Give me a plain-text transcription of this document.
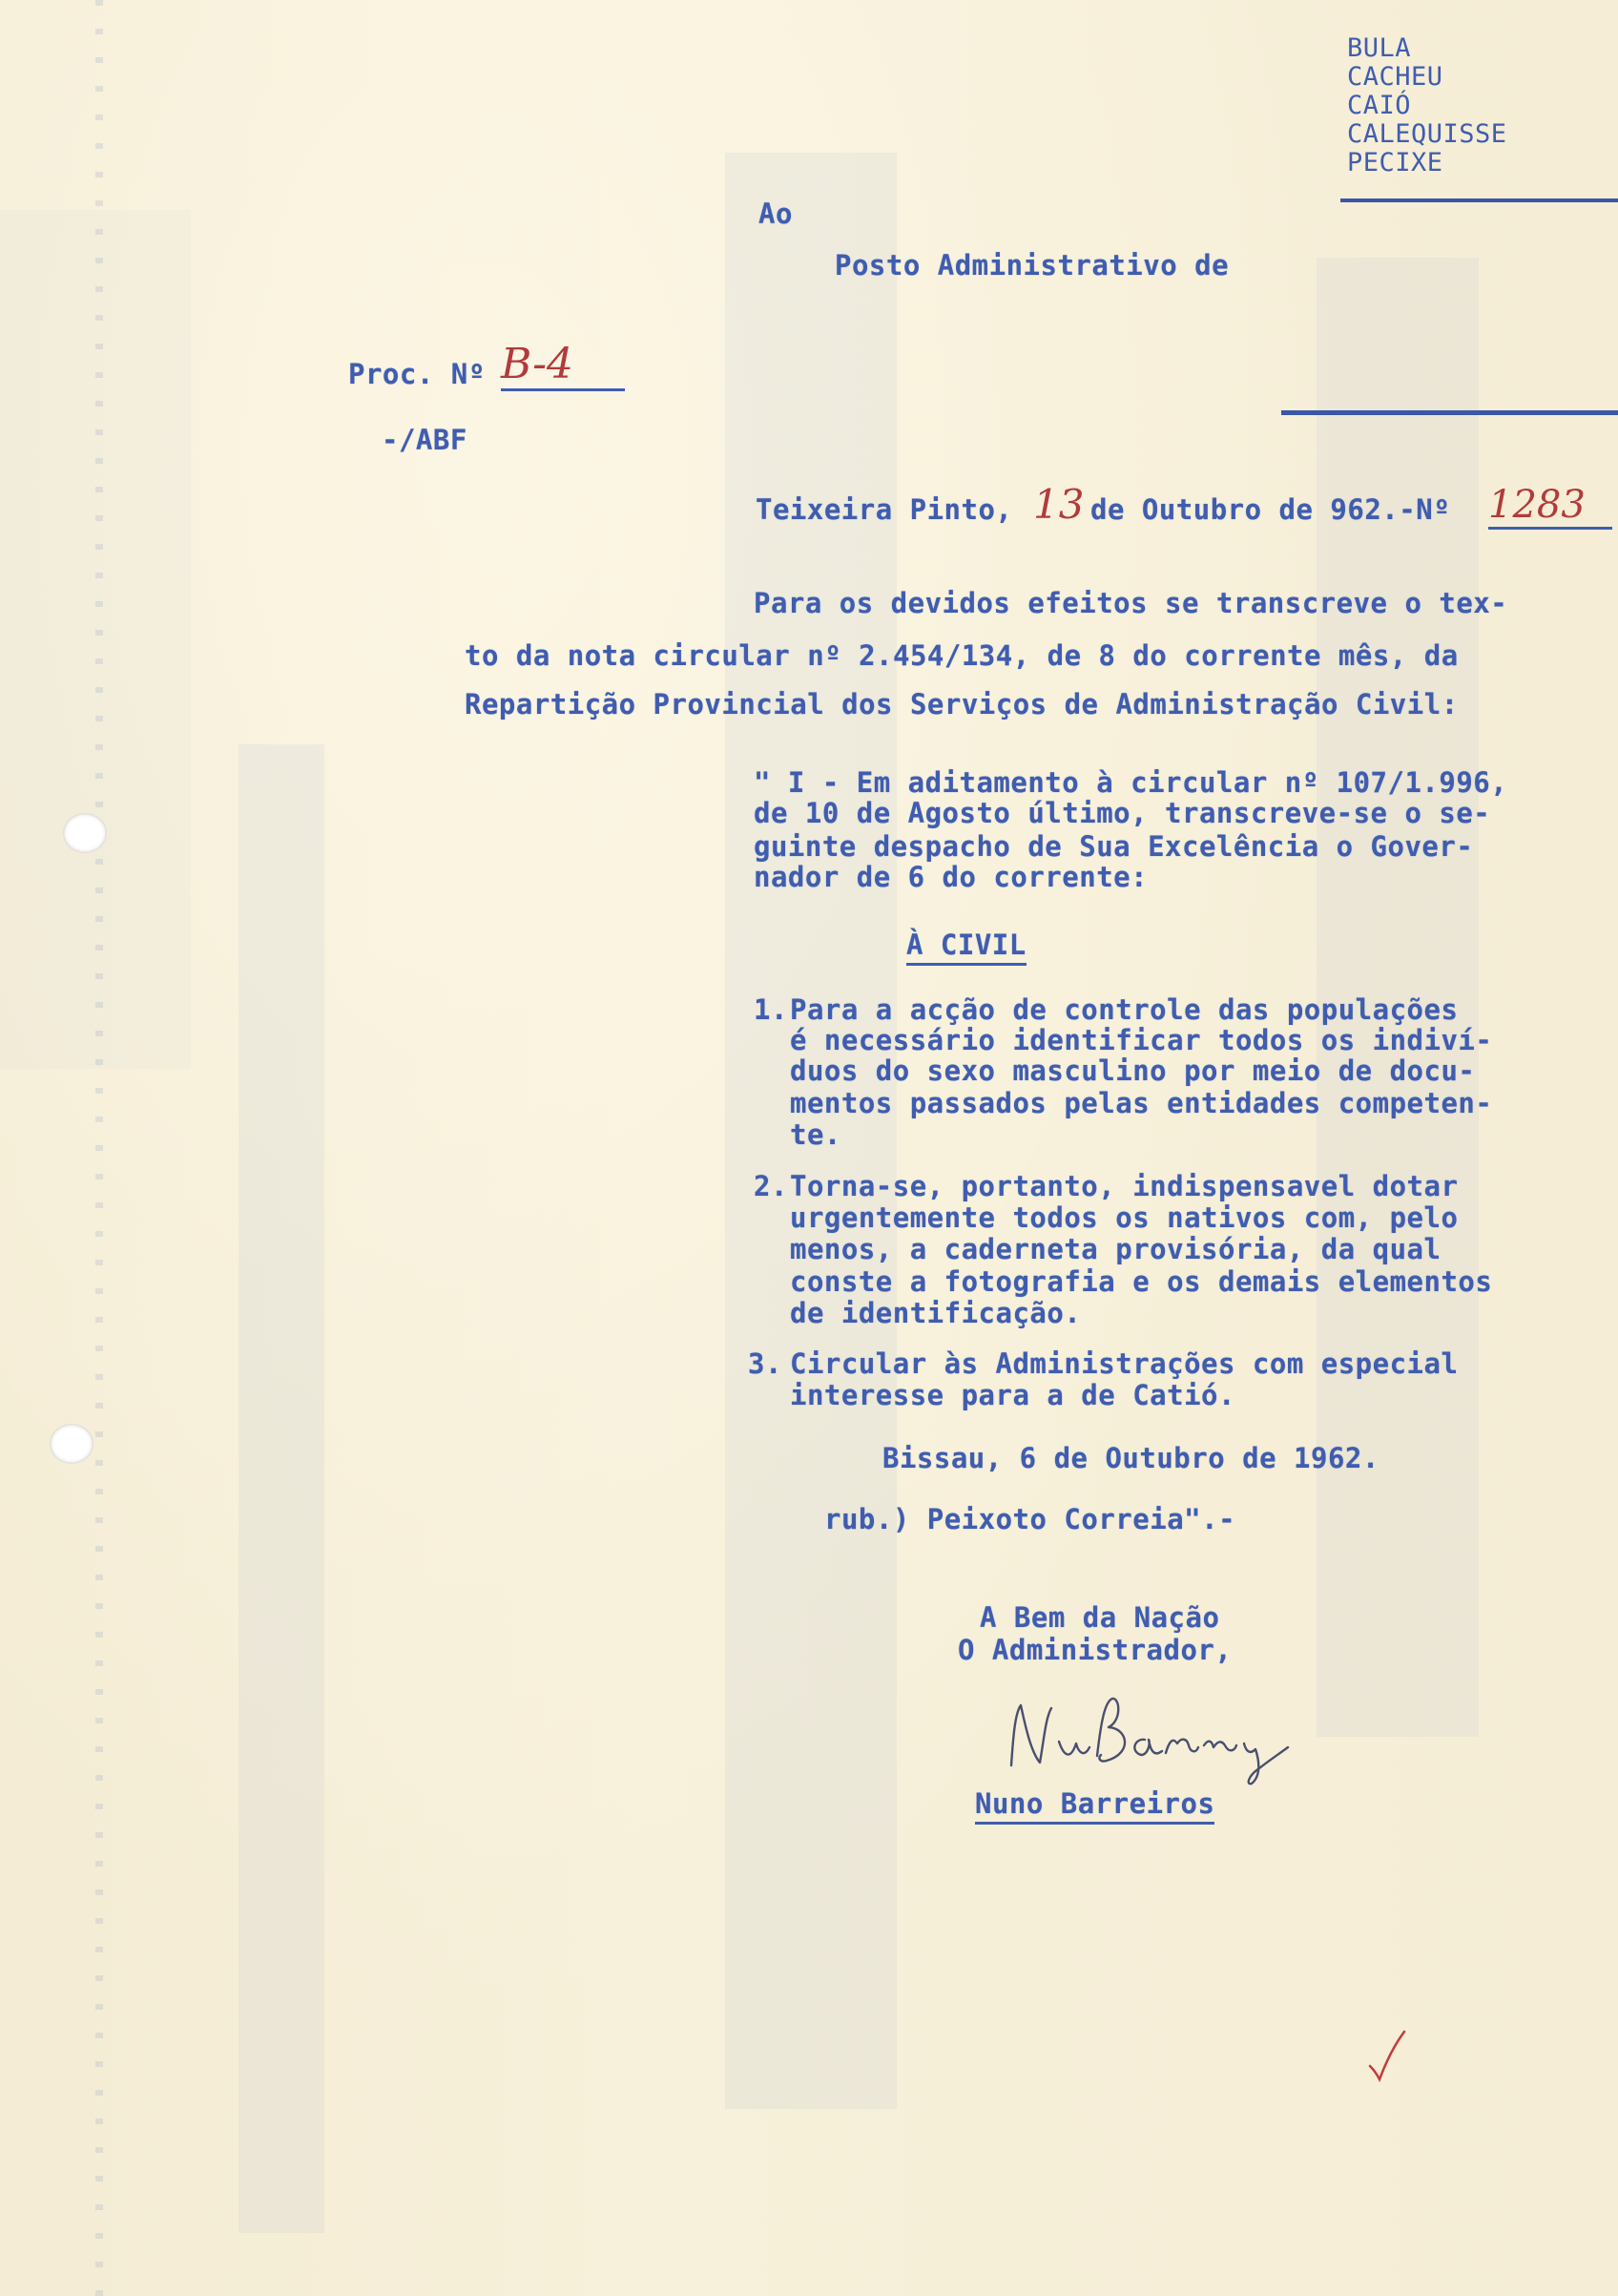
BULA
CACHEU
CAIÓ
CALEQUISSE
PECIXE
Ao
Posto Administrativo de
Proc. Nº B-4
-/ABF
Teixeira Pinto, 13 de Outubro de 962.-Nº 1283
Para os devidos efeitos se transcreve o tex-
to da nota circular nº 2.454/134, de 8 do corrente mês, da
Repartição Provincial dos Serviços de Administração Civil:
" I - Em aditamento à circular nº 107/1.996,
de 10 de Agosto último, transcreve-se o se-
guinte despacho de Sua Excelência o Gover-
nador de 6 do corrente:
À CIVIL
1. Para a acção de controle das populações
é necessário identificar todos os indiví-
duos do sexo masculino por meio de docu-
mentos passados pelas entidades competen-
te.
2. Torna-se, portanto, indispensavel dotar
urgentemente todos os nativos com, pelo
menos, a caderneta provisória, da qual
conste a fotografia e os demais elementos
de identificação.
3. Circular às Administrações com especial
interesse para a de Catió.
Bissau, 6 de Outubro de 1962.
rub.) Peixoto Correia".-
A Bem da Nação
O Administrador,
Nuno Barreiros
